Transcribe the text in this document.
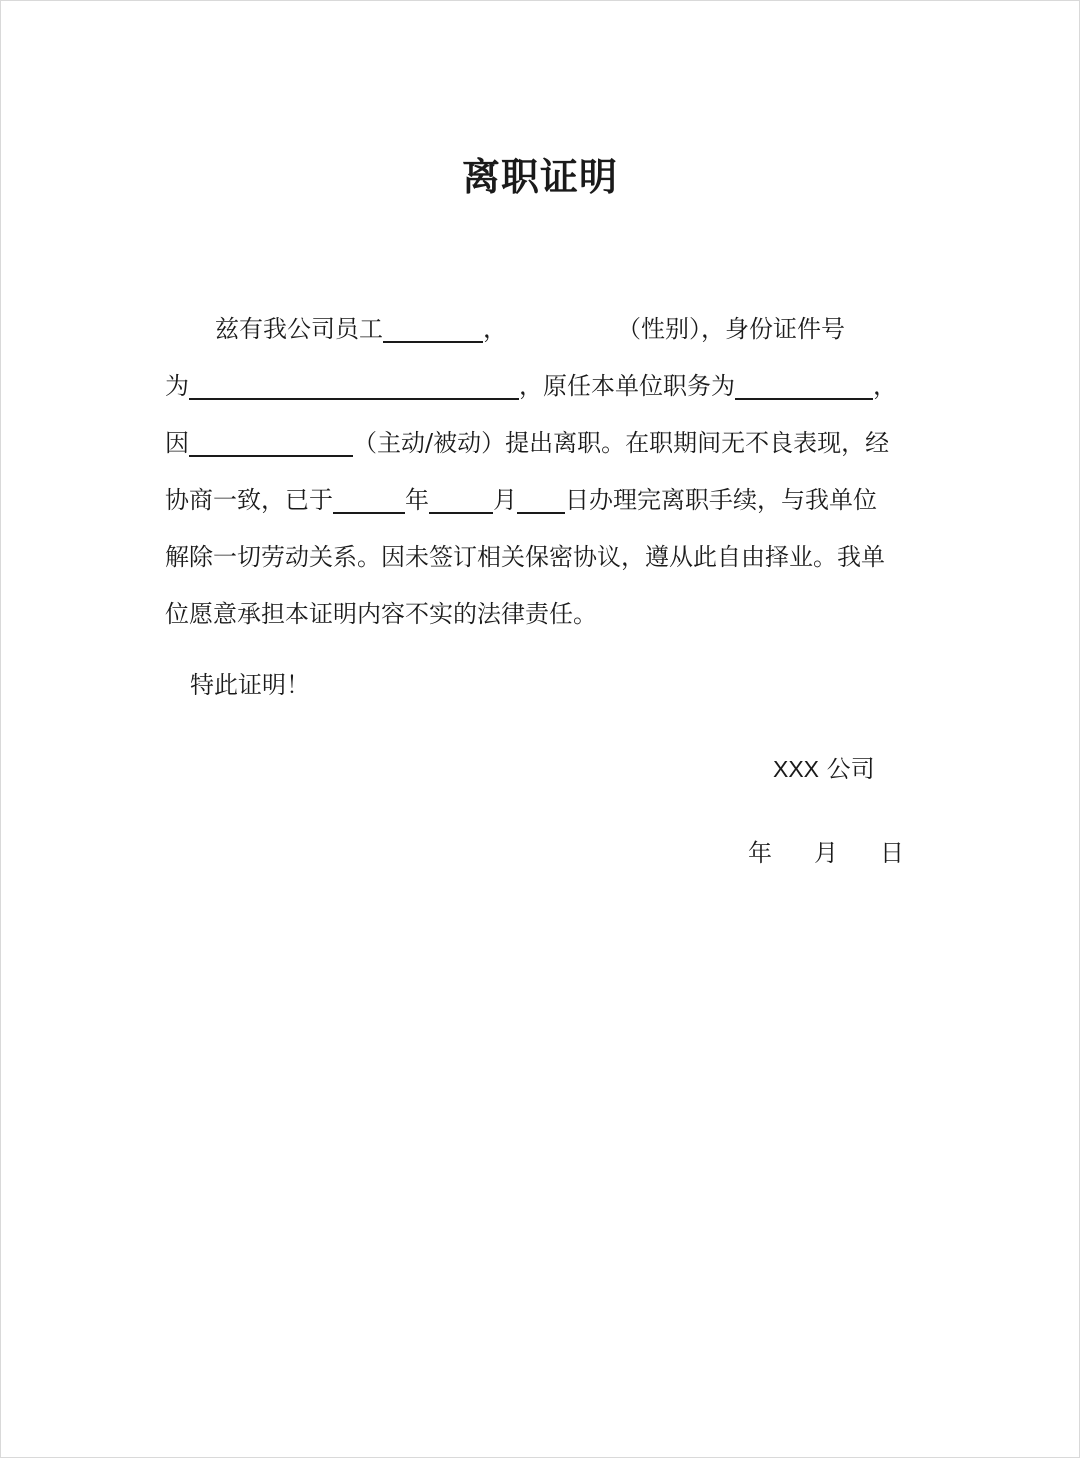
离职证明
兹有我公司员工	，	（性别），身份证件号
为	，原任本单位职务为	，
因	（主动/被动）提出离职。在职期间无不良表现，经
协商一致，已于	年	月 日办理完离职手续，与我单位
解除一切劳动关系。因未签订相关保密协议，遵从此自由择业。我单
位愿意承担本证明内容不实的法律责任。
特此证明！
XXX 公司
年 月 日
